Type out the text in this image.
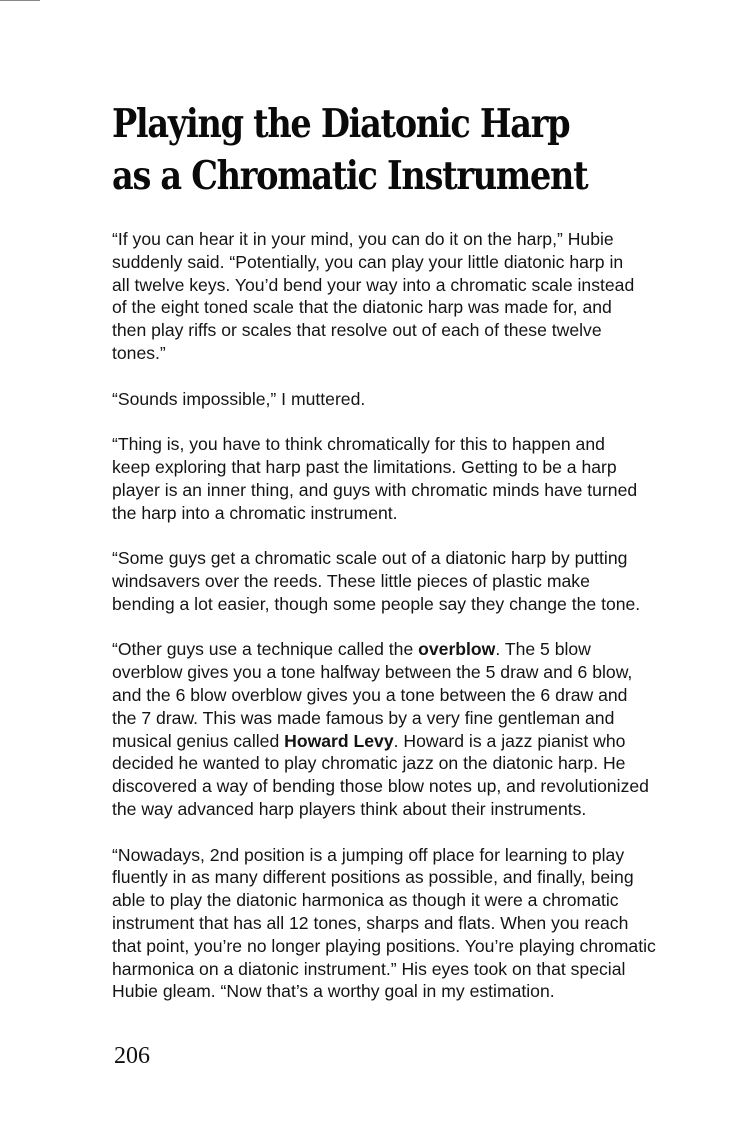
Playing the Diatonic Harp
as a Chromatic Instrument

“If you can hear it in your mind, you can do it on the harp,” Hubie
suddenly said. “Potentially, you can play your little diatonic harp in
all twelve keys. You’d bend your way into a chromatic scale instead
of the eight toned scale that the diatonic harp was made for, and
then play riffs or scales that resolve out of each of these twelve
tones.”

“Sounds impossible,” I muttered.

“Thing is, you have to think chromatically for this to happen and
keep exploring that harp past the limitations. Getting to be a harp
player is an inner thing, and guys with chromatic minds have turned
the harp into a chromatic instrument.

“Some guys get a chromatic scale out of a diatonic harp by putting
windsavers over the reeds. These little pieces of plastic make
bending a lot easier, though some people say they change the tone.

“Other guys use a technique called the overblow. The 5 blow
overblow gives you a tone halfway between the 5 draw and 6 blow,
and the 6 blow overblow gives you a tone between the 6 draw and
the 7 draw. This was made famous by a very fine gentleman and
musical genius called Howard Levy. Howard is a jazz pianist who
decided he wanted to play chromatic jazz on the diatonic harp. He
discovered a way of bending those blow notes up, and revolutionized
the way advanced harp players think about their instruments.

“Nowadays, 2nd position is a jumping off place for learning to play
fluently in as many different positions as possible, and finally, being
able to play the diatonic harmonica as though it were a chromatic
instrument that has all 12 tones, sharps and flats. When you reach
that point, you’re no longer playing positions. You’re playing chromatic
harmonica on a diatonic instrument.” His eyes took on that special
Hubie gleam. “Now that’s a worthy goal in my estimation.

206
